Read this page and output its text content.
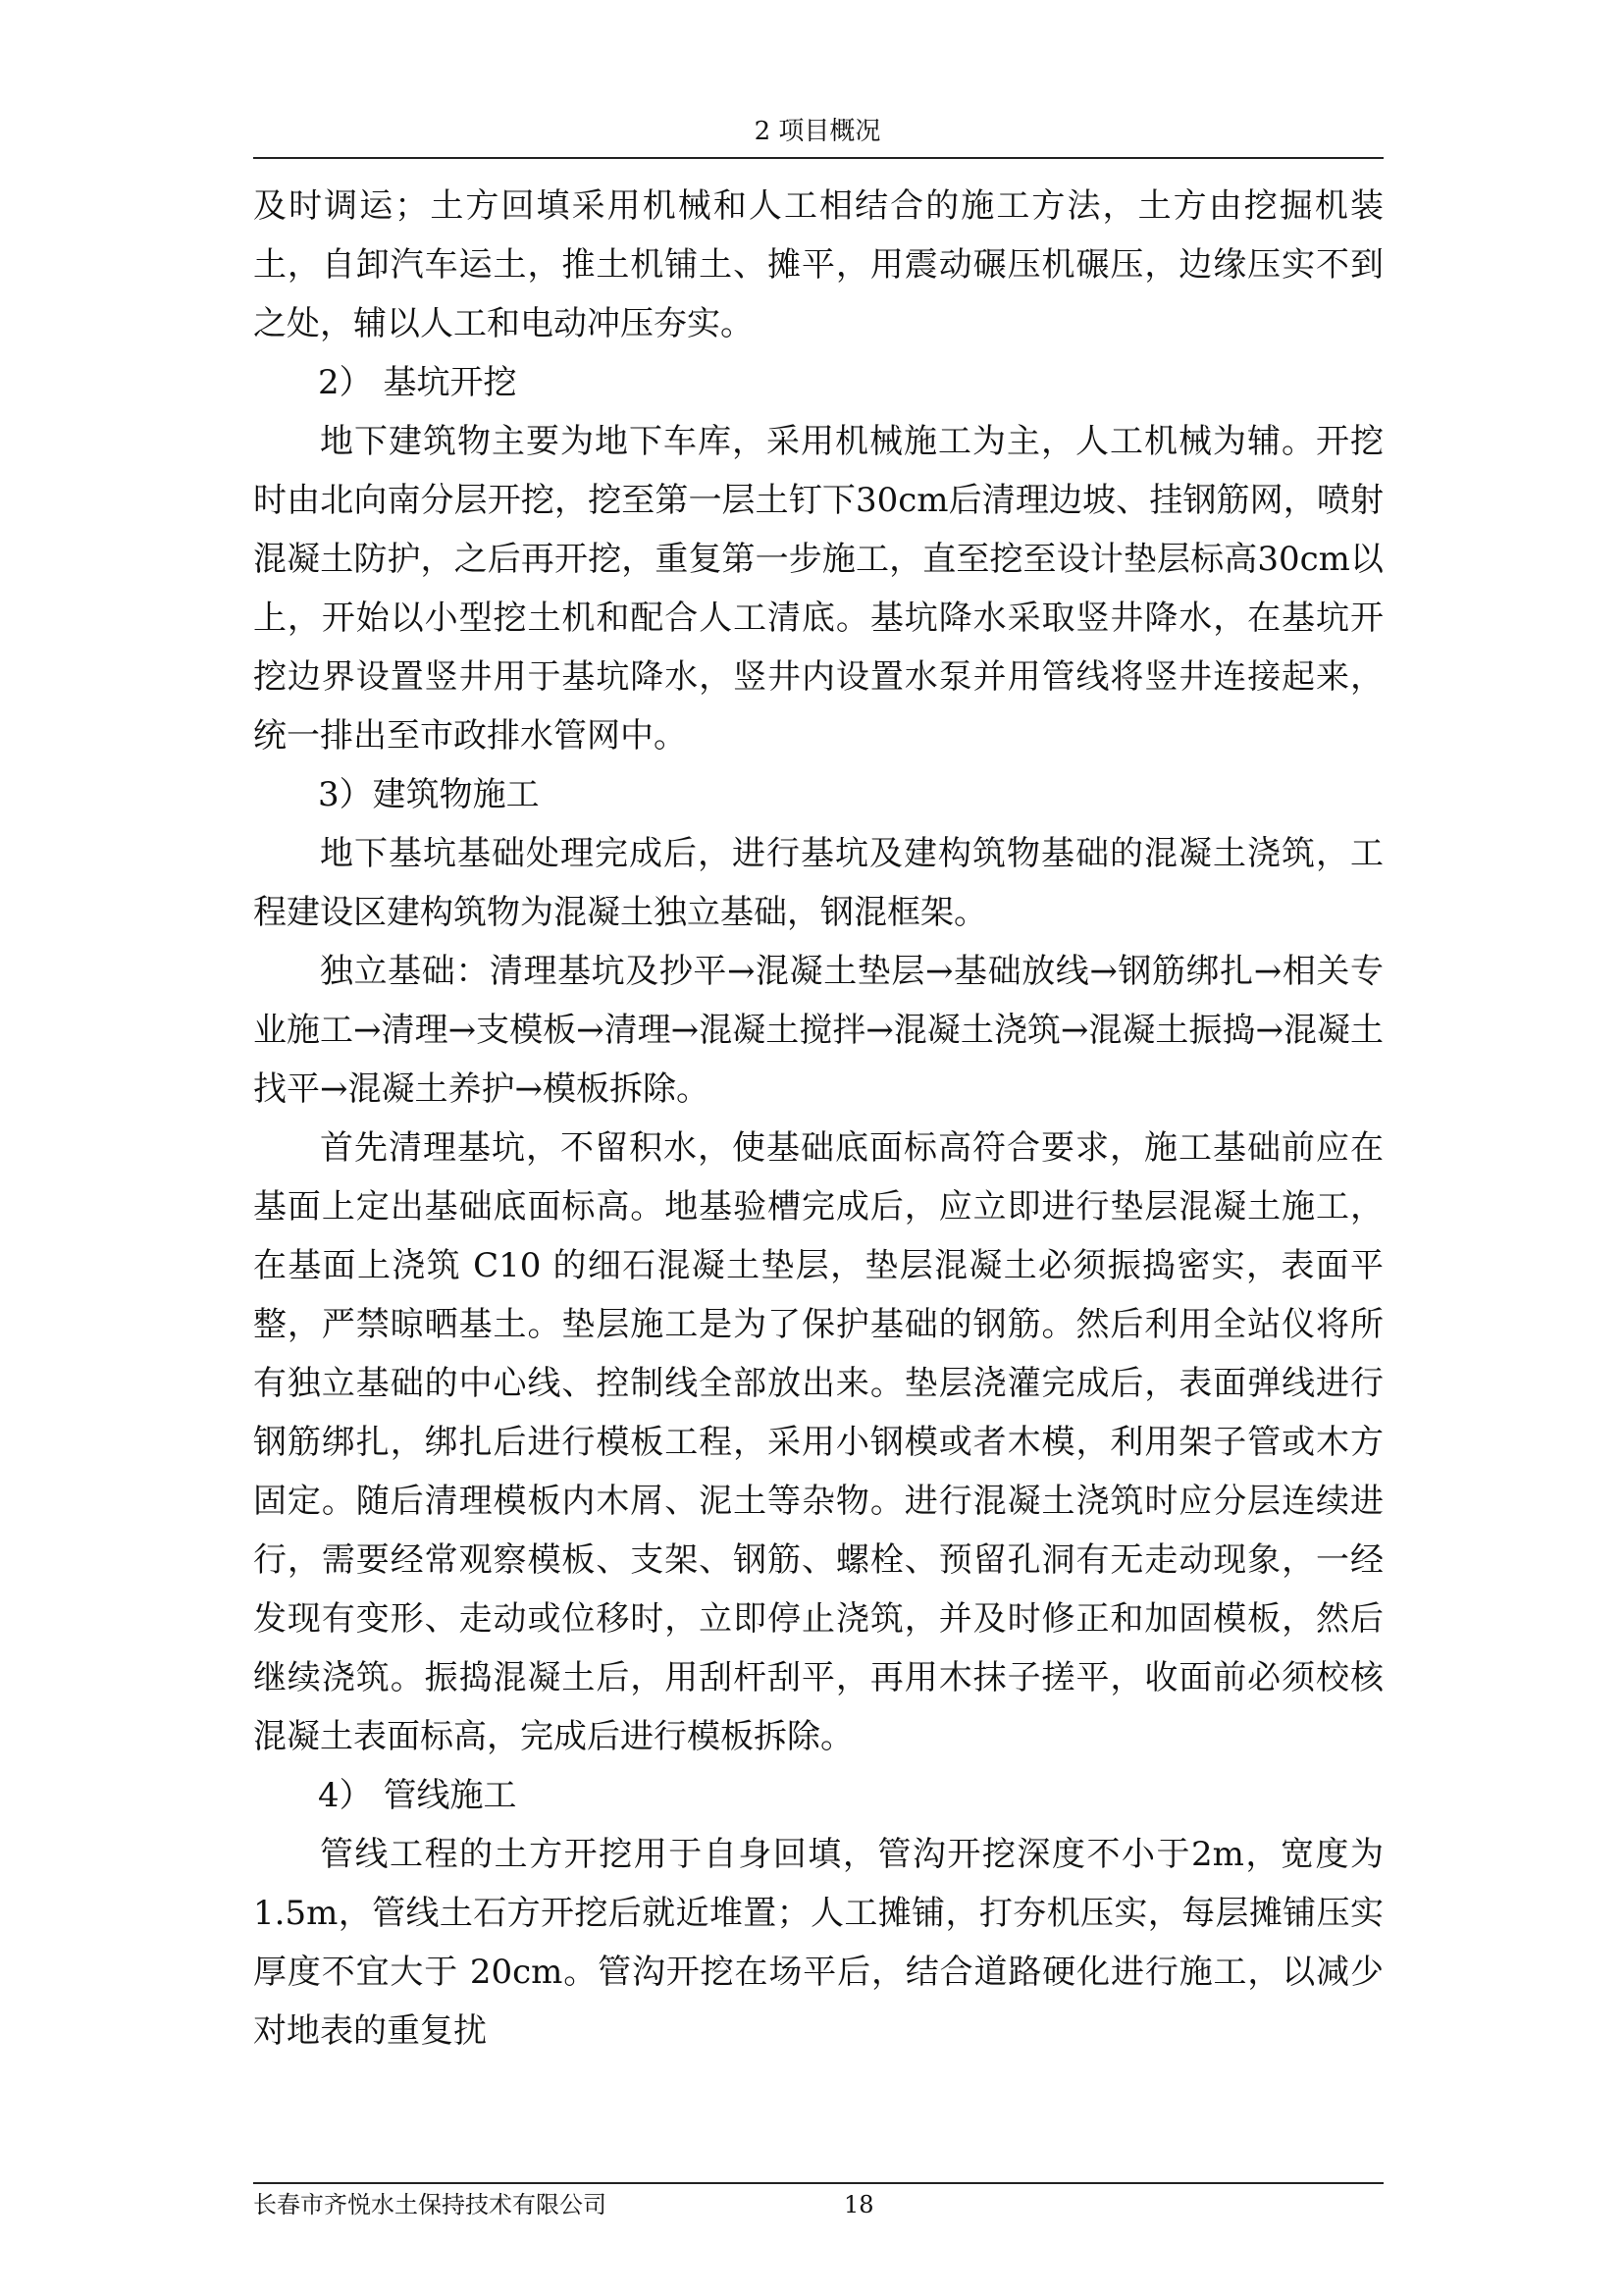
2 项目概况

及时调运；土方回填采用机械和人工相结合的施工方法，土方由挖掘机装土，自卸汽车运土，推土机铺土、摊平，用震动碾压机碾压，边缘压实不到之处，辅以人工和电动冲压夯实。

2） 基坑开挖

地下建筑物主要为地下车库，采用机械施工为主，人工机械为辅。开挖时由北向南分层开挖，挖至第一层土钉下30cm后清理边坡、挂钢筋网，喷射混凝土防护，之后再开挖，重复第一步施工，直至挖至设计垫层标高30cm以上，开始以小型挖土机和配合人工清底。基坑降水采取竖井降水，在基坑开挖边界设置竖井用于基坑降水，竖井内设置水泵并用管线将竖井连接起来，统一排出至市政排水管网中。

3）建筑物施工

地下基坑基础处理完成后，进行基坑及建构筑物基础的混凝土浇筑，工程建设区建构筑物为混凝土独立基础，钢混框架。

独立基础：清理基坑及抄平→混凝土垫层→基础放线→钢筋绑扎→相关专业施工→清理→支模板→清理→混凝土搅拌→混凝土浇筑→混凝土振捣→混凝土找平→混凝土养护→模板拆除。

首先清理基坑，不留积水，使基础底面标高符合要求，施工基础前应在基面上定出基础底面标高。地基验槽完成后，应立即进行垫层混凝土施工，在基面上浇筑 C10 的细石混凝土垫层，垫层混凝土必须振捣密实，表面平整，严禁晾晒基土。垫层施工是为了保护基础的钢筋。然后利用全站仪将所有独立基础的中心线、控制线全部放出来。垫层浇灌完成后，表面弹线进行钢筋绑扎，绑扎后进行模板工程，采用小钢模或者木模，利用架子管或木方固定。随后清理模板内木屑、泥土等杂物。进行混凝土浇筑时应分层连续进行，需要经常观察模板、支架、钢筋、螺栓、预留孔洞有无走动现象，一经发现有变形、走动或位移时，立即停止浇筑，并及时修正和加固模板，然后继续浇筑。振捣混凝土后，用刮杆刮平，再用木抹子搓平，收面前必须校核混凝土表面标高，完成后进行模板拆除。

4） 管线施工

管线工程的土方开挖用于自身回填，管沟开挖深度不小于2m，宽度为1.5m，管线土石方开挖后就近堆置；人工摊铺，打夯机压实，每层摊铺压实厚度不宜大于 20cm。管沟开挖在场平后，结合道路硬化进行施工，以减少对地表的重复扰

长春市齐悦水土保持技术有限公司	18
